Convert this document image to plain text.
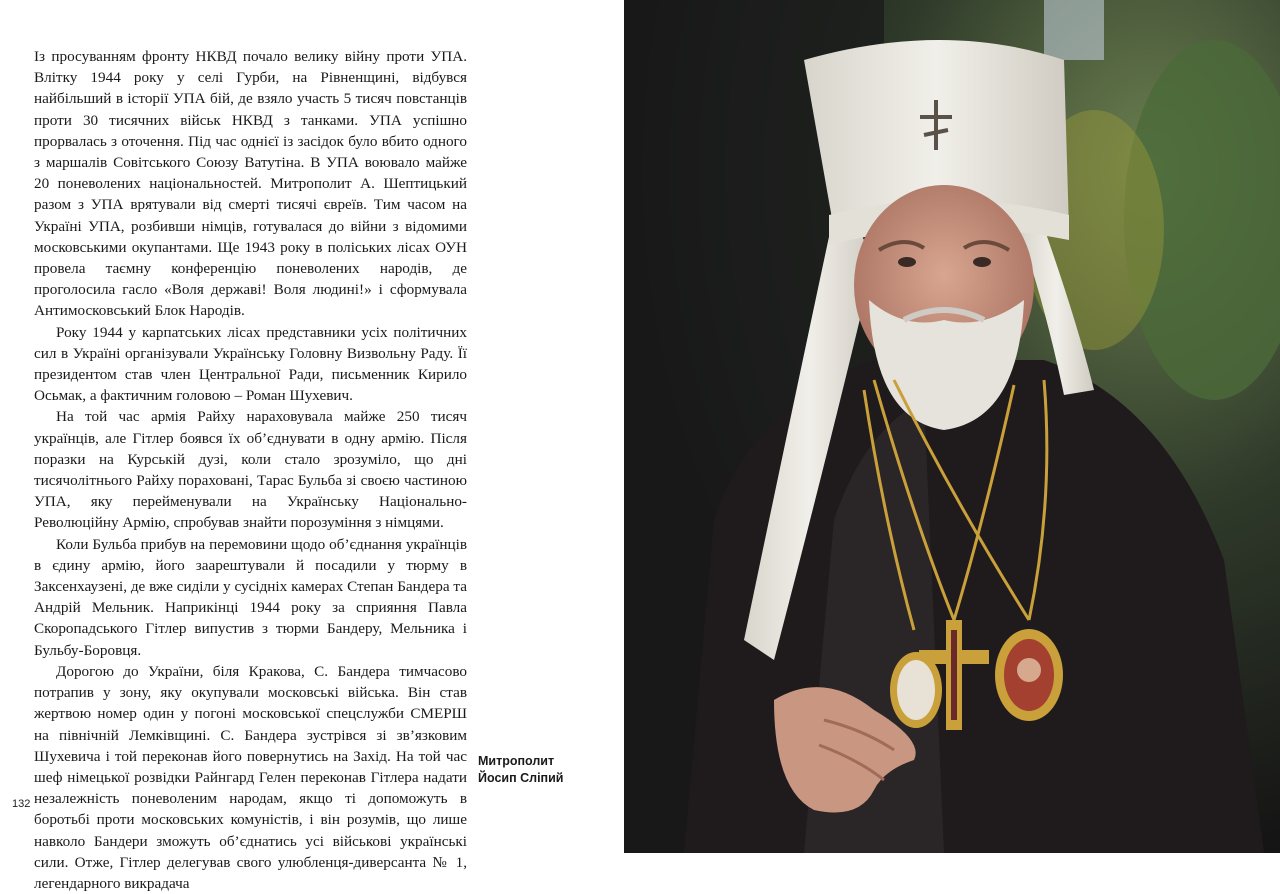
Із просуванням фронту НКВД почало велику війну проти УПА. Влітку 1944 року у селі Гурби, на Рівненщині, відбувся найбільший в історії УПА бій, де взяло участь 5 тисяч повстанців проти 30 тисячних військ НКВД з танками. УПА успішно прорвалась з оточення. Під час однієї із засідок було вбито одного з маршалів Совітського Союзу Ватутіна. В УПА воювало майже 20 поневолених національностей. Митрополит А. Шептицький разом з УПА врятували від смерті тисячі євреїв. Тим часом на Україні УПА, розбивши німців, готувалася до війни з відомими московськими окупантами. Ще 1943 року в поліських лісах ОУН провела таємну конференцію поневолених народів, де проголосила гасло «Воля державі! Воля людині!» і сформувала Антимосковський Блок Народів.

Року 1944 у карпатських лісах представники усіх політичних сил в Україні організували Українську Головну Визвольну Раду. Її президентом став член Центральної Ради, письменник Кирило Осьмак, а фактичним головою – Роман Шухевич.

На той час армія Райху нараховувала майже 250 тисяч українців, але Гітлер боявся їх об’єднувати в одну армію. Після поразки на Курській дузі, коли стало зрозуміло, що дні тисячолітнього Райху пораховані, Тарас Бульба зі своєю частиною УПА, яку перейменували на Українську Національно-Революційну Армію, спробував знайти порозуміння з німцями.

Коли Бульба прибув на перемовини щодо об’єднання українців в єдину армію, його заарештували й посадили у тюрму в Заксенхаузені, де вже сиділи у сусідніх камерах Степан Бандера та Андрій Мельник. Наприкінці 1944 року за сприяння Павла Скоропадського Гітлер випустив з тюрми Бандеру, Мельника і Бульбу-Боровця.

Дорогою до України, біля Кракова, С. Бандера тимчасово потрапив у зону, яку окупували московські війська. Він став жертвою номер один у погоні московської спецслужби СМЕРШ на північній Лемківщині. С. Бандера зустрівся зі зв’язковим Шухевича і той переконав його повернутись на Захід. На той час шеф німецької розвідки Райнгард Гелен переконав Гітлера надати незалежність поневоленим народам, якщо ті допоможуть в боротьбі проти московських комуністів, і він розумів, що лише навколо Бандери зможуть об’єднатись усі військові українські сили. Отже, Гітлер делегував свого улюбленця-диверсанта № 1, легендарного викрадача

Митрополит
Йосип Сліпий
132
